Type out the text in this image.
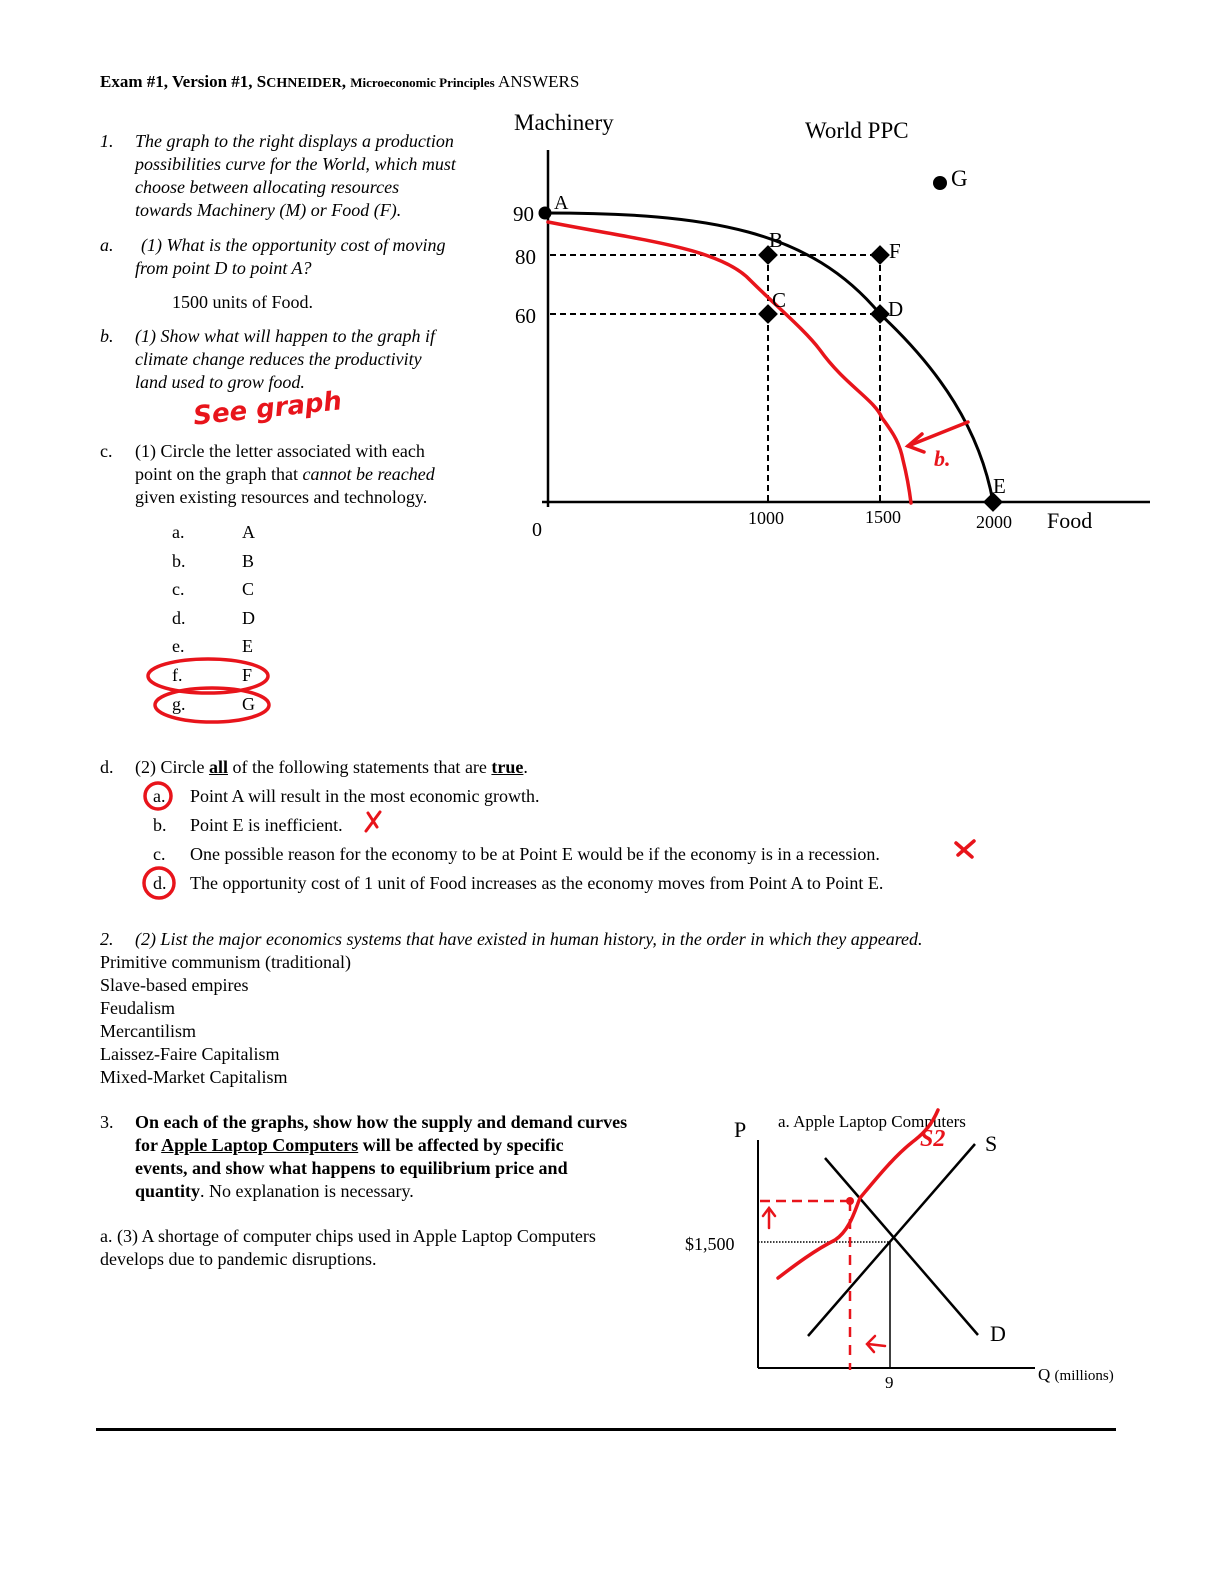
Exam #1, Version #1, SCHNEIDER, Microeconomic Principles ANSWERS
1. The graph to the right displays a production
possibilities curve for the World, which must
choose between allocating resources
towards Machinery (M) or Food (F).
a. (1) What is the opportunity cost of moving
from point D to point A?
1500 units of Food.
b. (1) Show what will happen to the graph if
climate change reduces the productivity
land used to grow food.
See graph
c. (1) Circle the letter associated with each
point on the graph that cannot be reached
given existing resources and technology.
a.	A
b.	B
c.	C
d.	D
e.	E
f.	F
g.	G
Machinery	World PPC
90
80
60
0
1000	1500	2000 Food
b.
A
B
C	D
E
F
G
d. (2) Circle all of the following statements that are true.
a. Point A will result in the most economic growth.
b. Point E is inefficient.
c. One possible reason for the economy to be at Point E would be if the economy is in a recession.
d. The opportunity cost of 1 unit of Food increases as the economy moves from Point A to Point E.
2. (2) List the major economics systems that have existed in human history, in the order in which they appeared.
Primitive communism (traditional)
Slave-based empires
Feudalism
Mercantilism
Laissez-Faire Capitalism
Mixed-Market Capitalism
3. On each of the graphs, show how the supply and demand curves
for Apple Laptop Computers will be affected by specific
events, and show what happens to equilibrium price and
quantity. No explanation is necessary.
a. (3) A shortage of computer chips used in Apple Laptop Computers
develops due to pandemic disruptions.
P a. Apple Laptop Computers
S
D
$1,500
9	Q (millions)
S2
